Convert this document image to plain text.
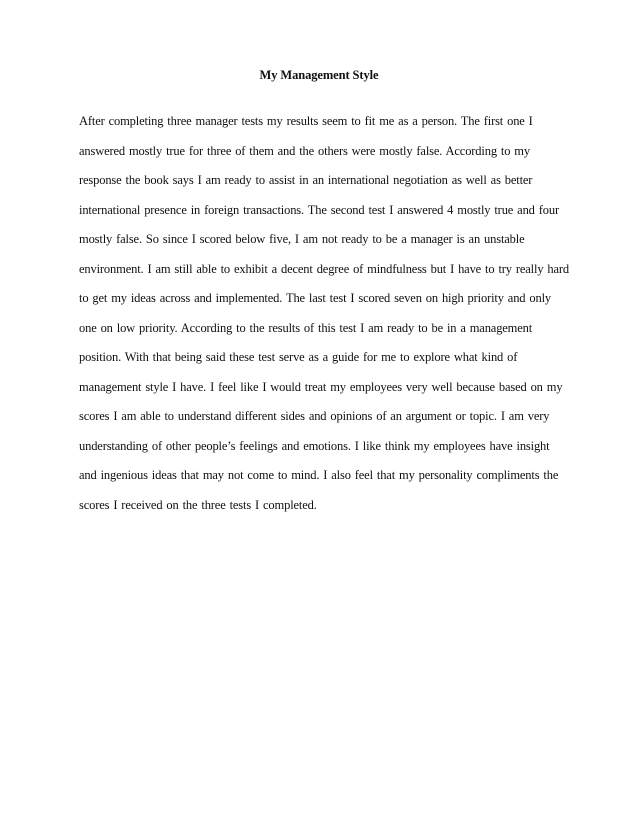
My Management Style
After completing three manager tests my results seem to fit me as a person. The first one I
answered mostly true for three of them and the others were mostly false. According to my
response the book says I am ready to assist in an international negotiation as well as better
international presence in foreign transactions. The second test I answered 4 mostly true and four
mostly false. So since I scored below five, I am not ready to be a manager is an unstable
environment. I am still able to exhibit a decent degree of mindfulness but I have to try really hard
to get my ideas across and implemented. The last test I scored seven on high priority and only
one on low priority. According to the results of this test I am ready to be in a management
position. With that being said these test serve as a guide for me to explore what kind of
management style I have. I feel like I would treat my employees very well because based on my
scores I am able to understand different sides and opinions of an argument or topic. I am very
understanding of other people’s feelings and emotions. I like think my employees have insight
and ingenious ideas that may not come to mind. I also feel that my personality compliments the
scores I received on the three tests I completed.
